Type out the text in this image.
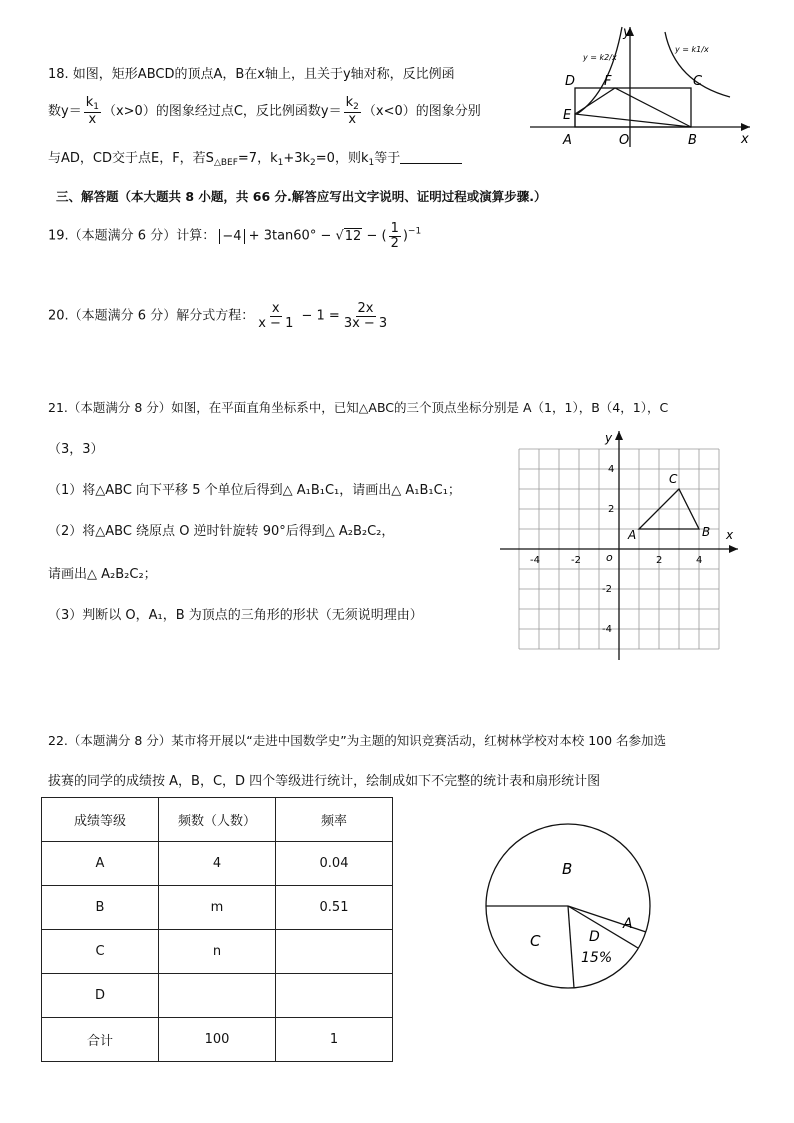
18. 如图，矩形ABCD的顶点A，B在x轴上，且关于y轴对称，反比例函
数$y= \frac{k_1}{x} (x>0)$的图象经过点C，反比例函数$y= \frac{k_2}{x} (x<0)$的图象分别
与AD，CD交于点E，F，若$S_{\triangle BEF}=7$，$k_1+3k_2=0$，则$k_1$等于
y
x
D F	C
E
A	O	B
y = k2/x
y = k1/x
三、解答题（本大题共 8 小题，共 66 分.解答应写出文字说明、证明过程或演算步骤.）
19.（本题满分 6 分）计算： −4 + 3tan60° − √12 − ( $\frac{1}{2} )^{-1}$
20.（本题满分 6 分）解分式方程： $\frac{x}{x - 1} - 1 = \frac{2x}{3x - 3}$
21.（本题满分 8 分）如图，在平面直角坐标系中，已知△ABC的三个顶点坐标分别是 A（1，1），B（4，1），C
（3，3）
（1）将△ABC 向下平移 5 个单位后得到△ A₁B₁C₁，请画出△ A₁B₁C₁；
（2）将△ABC 绕原点 O 逆时针旋转 90°后得到△ A₂B₂C₂，
请画出△ A₂B₂C₂；
（3）判断以 O，A₁，B 为顶点的三角形的形状（无须说明理由）
y
x
o
-4	-2	2	4
4
2
-2
-4
A	B
C
22.（本题满分 8 分）某市将开展以“走进中国数学史”为主题的知识竞赛活动，红树林学校对本校 100 名参加选
拔赛的同学的成绩按 A，B，C，D 四个等级进行统计，绘制成如下不完整的统计表和扇形统计图
成绩等级	频数（人数）	频率
A	4	0.04
B	m	0.51
C	n	
D		
合计	100	1
B
A
C	D
15%
